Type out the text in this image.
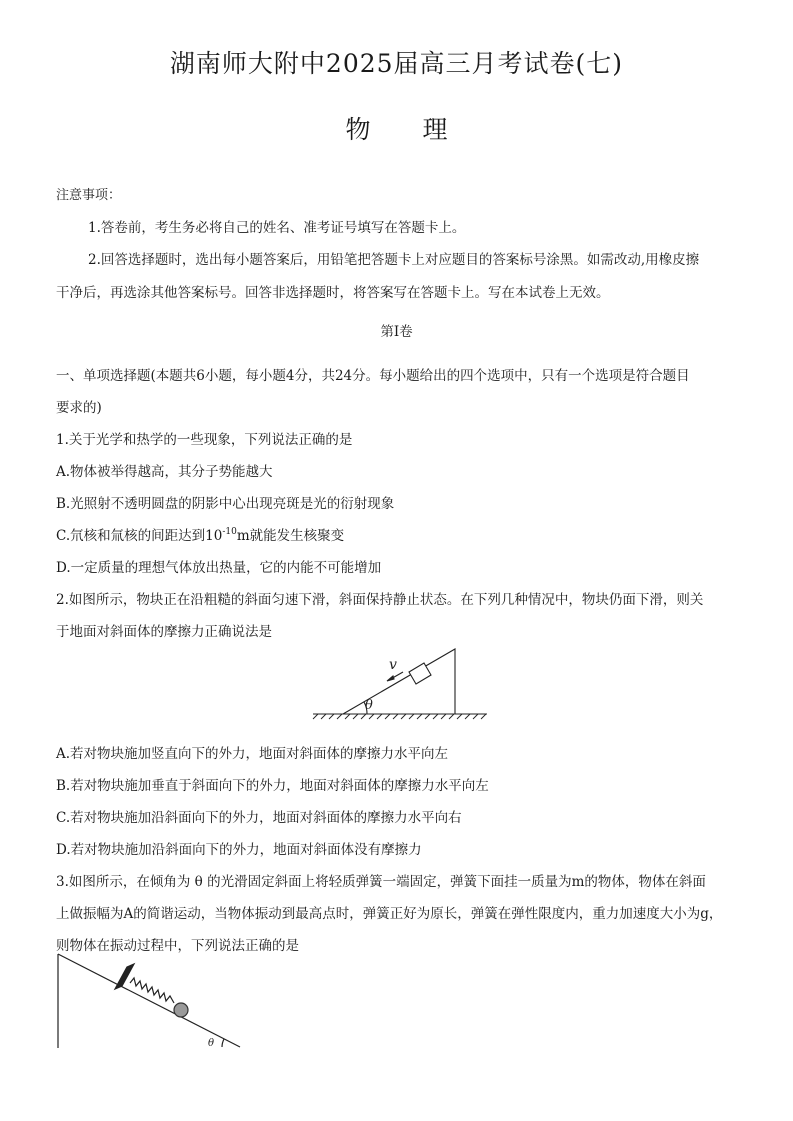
湖南师大附中2025届高三月考试卷(七)
物 理
注意事项：
1.答卷前，考生务必将自己的姓名、准考证号填写在答题卡上。
2.回答选择题时，选出每小题答案后，用铅笔把答题卡上对应题目的答案标号涂黑。如需改动,用橡皮擦
干净后，再选涂其他答案标号。回答非选择题时，将答案写在答题卡上。写在本试卷上无效。
第I卷
一、单项选择题(本题共6小题，每小题4分，共24分。每小题给出的四个选项中，只有一个选项是符合题目
要求的)
1.关于光学和热学的一些现象，下列说法正确的是
A.物体被举得越高，其分子势能越大
B.光照射不透明圆盘的阴影中心出现亮斑是光的衍射现象
C.氘核和氚核的间距达到$10^{-10}m$就能发生核聚变
D.一定质量的理想气体放出热量，它的内能不可能增加
2.如图所示，物块正在沿粗糙的斜面匀速下滑，斜面保持静止状态。在下列几种情况中，物块仍面下滑，则关
于地面对斜面体的摩擦力正确说法是
v
θ
A.若对物块施加竖直向下的外力，地面对斜面体的摩擦力水平向左
B.若对物块施加垂直于斜面向下的外力，地面对斜面体的摩擦力水平向左
C.若对物块施加沿斜面向下的外力，地面对斜面体的摩擦力水平向右
D.若对物块施加沿斜面向下的外力，地面对斜面体没有摩擦力
3.如图所示，在倾角为 θ 的光滑固定斜面上将轻质弹簧一端固定，弹簧下面挂一质量为m的物体，物体在斜面
上做振幅为A的简谐运动，当物体振动到最高点时，弹簧正好为原长，弹簧在弹性限度内，重力加速度大小为g，
则物体在振动过程中，下列说法正确的是
θ
